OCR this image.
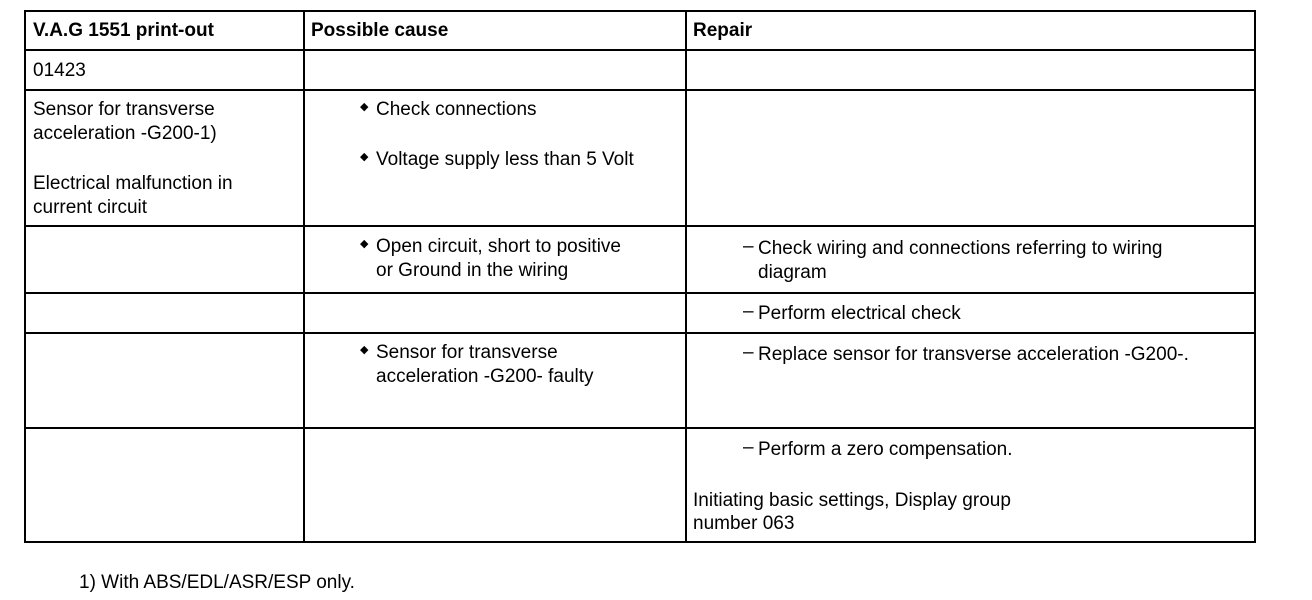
V.A.G 1551 print-out	Possible cause	Repair
01423
Sensor for transverse
acceleration -G200-1)
Electrical malfunction in
current circuit
◆ Check connections
◆ Voltage supply less than 5 Volt
◆ Open circuit, short to positive
or Ground in the wiring
– Check wiring and connections referring to wiring
diagram
– Perform electrical check
◆ Sensor for transverse
acceleration -G200- faulty
– Replace sensor for transverse acceleration -G200-.
– Perform a zero compensation.
Initiating basic settings, Display group
number 063
1) With ABS/EDL/ASR/ESP only.
